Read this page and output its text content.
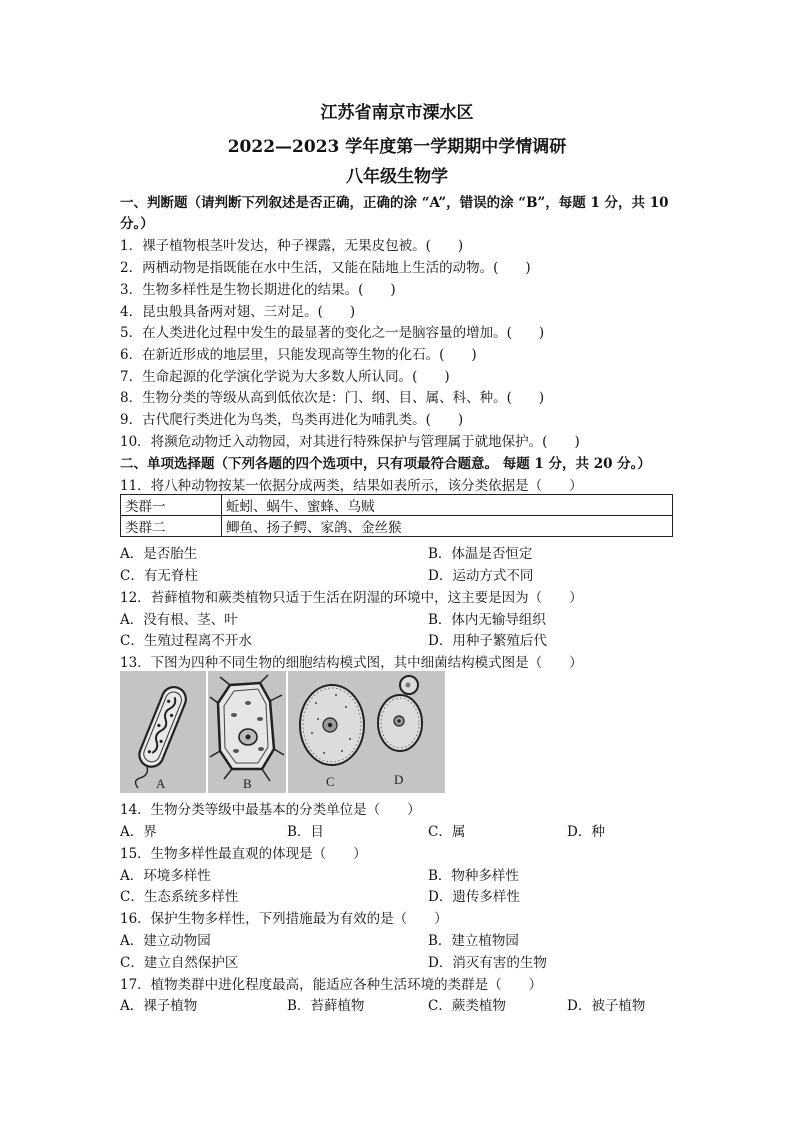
江苏省南京市溧水区
2022—2023 学年度第一学期期中学情调研
八年级生物学
一、判断题（请判断下列叙述是否正确，正确的涂 “A”，错误的涂 “B”，每题 1 分，共 10
分。）
1．裸子植物根茎叶发达，种子裸露，无果皮包被。(　　)
2．两栖动物是指既能在水中生活，又能在陆地上生活的动物。(　　)
3．生物多样性是生物长期进化的结果。(　　)
4．昆虫般具备两对翅、三对足。(　　)
5．在人类进化过程中发生的最显著的变化之一是脑容量的增加。(　　)
6．在新近形成的地层里，只能发现高等生物的化石。(　　)
7．生命起源的化学演化学说为大多数人所认同。(　　)
8．生物分类的等级从高到低依次是：门、纲、目、属、科、种。(　　)
9．古代爬行类进化为鸟类，鸟类再进化为哺乳类。(　　)
10．将濒危动物迁入动物园，对其进行特殊保护与管理属于就地保护。(　　)
二、单项选择题（下列各题的四个选项中，只有项最符合题意。 每题 1 分，共 20 分。）
11．将八种动物按某一依据分成两类，结果如表所示，该分类依据是（　　）
类群一	蚯蚓、蜗牛、蜜蜂、乌贼
类群二	鲫鱼、扬子鳄、家鸽、金丝猴
A．是否胎生	B．体温是否恒定
C．有无脊柱	D．运动方式不同
12．苔藓植物和蕨类植物只适于生活在阴湿的环境中，这主要是因为（　　）
A．没有根、茎、叶	B．体内无输导组织
C．生殖过程离不开水	D．用种子繁殖后代
13．下图为四种不同生物的细胞结构模式图，其中细菌结构模式图是（　　）
A	B	C	D
14．生物分类等级中最基本的分类单位是（　　）
A．界	B．目	C．属	D．种
15．生物多样性最直观的体现是（　　）
A．环境多样性	B．物种多样性
C．生态系统多样性	D．遗传多样性
16．保护生物多样性，下列措施最为有效的是（　　）
A．建立动物园	B．建立植物园
C．建立自然保护区	D．消灭有害的生物
17．植物类群中进化程度最高，能适应各种生活环境的类群是（　　）
A．裸子植物	B．苔藓植物	C．蕨类植物	D．被子植物
